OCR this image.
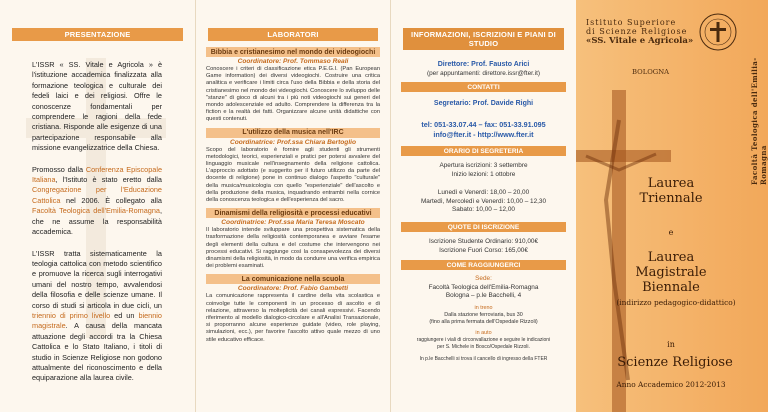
PRESENTAZIONE

L'ISSR « SS. Vitale e Agricola » è l'istituzione accademica finalizzata alla formazione teologica e culturale dei fedeli laici e dei religiosi. Offre le conoscenze fondamentali per comprendere le ragioni della fede cristiana. Risponde alle esigenze di una partecipazione responsabile alla missione evangelizzatrice della Chiesa.

Promosso dalla Conferenza Episcopale Italiana, l'Istituto è stato eretto dalla Congregazione per l'Educazione Cattolica nel 2006. È collegato alla Facoltà Teologica dell'Emilia-Romagna, che ne assume la responsabilità accademica.

L'ISSR tratta sistematicamente la teologia cattolica con metodo scientifico e promuove la ricerca sugli interrogativi umani del nostro tempo, avvalendosi della filosofia e delle scienze umane. Il corso di studi si articola in due cicli, un triennio di primo livello ed un biennio magistrale. A causa della mancata attuazione degli accordi tra la Chiesa Cattolica e lo Stato Italiano, i titoli di studio in Scienze Religiose non godono attualmente del riconoscimento e della equiparazione alla laurea civile.

LABORATORI
Bibbia e cristianesimo nel mondo dei videogiochi
Coordinatore: Prof. Tommaso Reali
Conoscere i criteri di classificazione etica P.E.G.I. (Pan European Game information) dei diversi videogiochi. Costruire una critica analitica e verificare i limiti circa l'uso della Bibbia e della storia del cristianesimo nel mondo dei videogiochi. Conoscere lo sviluppo delle "stanze" di gioco di alcuni tra i più noti videogiochi sui generi del mondo adolescenziale ed adulto. Comprendere la differenza tra la fiction e la realtà dei fatti. Organizzare alcune unità didattiche con questi contenuti.
L'utilizzo della musica nell'IRC
Coordinatrice: Prof.ssa Chiara Bertoglio
Scopo del laboratorio è fornire agli studenti gli strumenti metodologici, teorici, esperienziali e pratici per potersi avvalere del linguaggio musicale nell'insegnamento della religione cattolica. L'approccio adottato (e suggerito per il futuro utilizzo da parte del docente di religione) pone in continuo dialogo l'aspetto "culturale" della musica/musicologia con quello "esperienziale" dell'ascolto e della produzione della musica, inquadrando entrambi nella cornice della conoscenza teologica e dell'esperienza del sacro.
Dinamismi della religiosità e processi educativi
Coordinatrice: Prof.ssa Maria Teresa Moscato
Il laboratorio intende sviluppare una prospettiva sistematica della trasformazione della religiosità contemporanea e avviare l'esame degli elementi della cultura e del costume che intervengono nei processi educativi. Si raggiunge così la consapevolezza dei diversi dinamismi della religiosità, in modo da condurre una verifica empirica dei problemi esaminati.
La comunicazione nella scuola
Coordinatore: Prof. Fabio Gambetti
La comunicazione rappresenta il cardine della vita scolastica e coinvolge tutte le componenti in un processo di ascolto e di relazione, attraverso la molteplicità dei canali espressivi. Facendo riferimento al modello dialogico-circolare e all'Analisi Transazionale, si proporranno alcune esperienze guidate (video, role playing, simulazioni, ecc.), per favorire l'ascolto attivo quale mezzo di uno stile educativo efficace.
INFORMAZIONI, ISCRIZIONI E PIANI DI STUDIO
Direttore: Prof. Fausto Arici
(per appuntamenti: direttore.issr@fter.it)
CONTATTI
Segretario: Prof. Davide Righi
tel: 051-33.07.44 – fax: 051-33.91.095
info@fter.it - http://www.fter.it
ORARIO DI SEGRETERIA
Apertura iscrizioni: 3 settembre
Inizio lezioni: 1 ottobre
Lunedì e Venerdì: 18,00 – 20,00
Martedì, Mercoledì e Venerdì: 10,00 – 12,30
Sabato: 10,00 – 12,00
QUOTE DI ISCRIZIONE
Iscrizione Studente Ordinario: 910,00€
Iscrizione Fuori Corso: 165,00€
COME RAGGIUNGERCI
Sede:
Facoltà Teologica dell'Emilia-Romagna
Bologna – p.le Bacchelli, 4
in treno
Dalla stazione ferroviaria, bus 30
(fino alla prima fermata dell'Ospedale Rizzoli)
in auto
raggiungere i viali di circonvallazione e seguire le indicazioni
per S. Michele in Bosco/Ospedale Rizzoli.
In p.le Bacchelli si trova il cancello di ingresso della FTER
Istituto Superiore
di Scienze Religiose
«SS. Vitale e Agricola»
BOLOGNA	Facoltà Teologica dell'Emilia-Romagna
Laurea
Triennale
e
Laurea
Magistrale
Biennale
(indirizzo pedagogico-didattico)
in
Scienze Religiose
Anno Accademico 2012-2013
